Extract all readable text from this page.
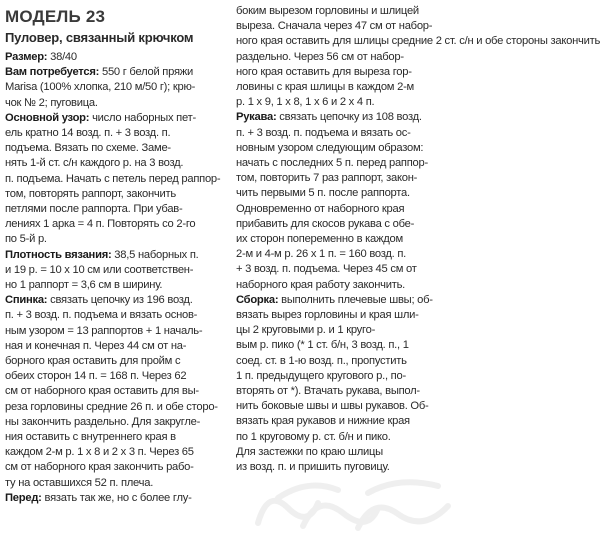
МОДЕЛЬ 23
Пуловер, связанный крючком
Размер: 38/40
Вам потребуется: 550 г белой пряжи
Marisa (100% хлопка, 210 м/50 г); крю-
чок № 2; пуговица.
Основной узор: число наборных пет-
ель кратно 14 возд. п. + 3 возд. п.
подъема. Вязать по схеме. Заме-
нять 1-й ст. с/н каждого р. на 3 возд.
п. подъема. Начать с петель перед раппор-
том, повторять раппорт, закончить
петлями после раппорта. При убав-
лениях 1 арка = 4 п. Повторять со 2-го
по 5-й р.
Плотность вязания: 38,5 наборных п.
и 19 р. = 10 х 10 см или соответствен-
но 1 раппорт = 3,6 см в ширину.
Спинка: связать цепочку из 196 возд.
п. + 3 возд. п. подъема и вязать основ-
ным узором = 13 раппортов + 1 началь-
ная и конечная п. Через 44 см от на-
борного края оставить для пройм с
обеих сторон 14 п. = 168 п. Через 62
см от наборного края оставить для вы-
реза горловины средние 26 п. и обе сторо-
ны закончить раздельно. Для закругле-
ния оставить с внутреннего края в
каждом 2-м р. 1 х 8 и 2 х 3 п. Через 65
см от наборного края закончить рабо-
ту на оставшихся 52 п. плеча.
Перед: вязать так же, но с более глу-
боким вырезом горловины и шлицей
выреза. Сначала через 47 см от набор-
ного края оставить для шлицы средние 2 ст. с/н и обе стороны закончить
раздельно. Через 56 см от набор-
ного края оставить для выреза гор-
ловины с края шлицы в каждом 2-м
р. 1 х 9, 1 х 8, 1 х 6 и 2 х 4 п.
Рукава: связать цепочку из 108 возд.
п. + 3 возд. п. подъема и вязать ос-
новным узором следующим образом:
начать с последних 5 п. перед раппор-
том, повторить 7 раз раппорт, закон-
чить первыми 5 п. после раппорта.
Одновременно от наборного края
прибавить для скосов рукава с обе-
их сторон попеременно в каждом
2-м и 4-м р. 26 х 1 п. = 160 возд. п.
+ 3 возд. п. подъема. Через 45 см от
наборного края работу закончить.
Сборка: выполнить плечевые швы; об-
вязать вырез горловины и края шли-
цы 2 круговыми р. и 1 круго-
вым р. пико (* 1 ст. б/н, 3 возд. п., 1
соед. ст. в 1-ю возд. п., пропустить
1 п. предыдущего кругового р., по-
вторять от *). Втачать рукава, выпол-
нить боковые швы и швы рукавов. Об-
вязать края рукавов и нижние края
по 1 круговому р. ст. б/н и пико.
Для застежки по краю шлицы
из возд. п. и пришить пуговицу.
